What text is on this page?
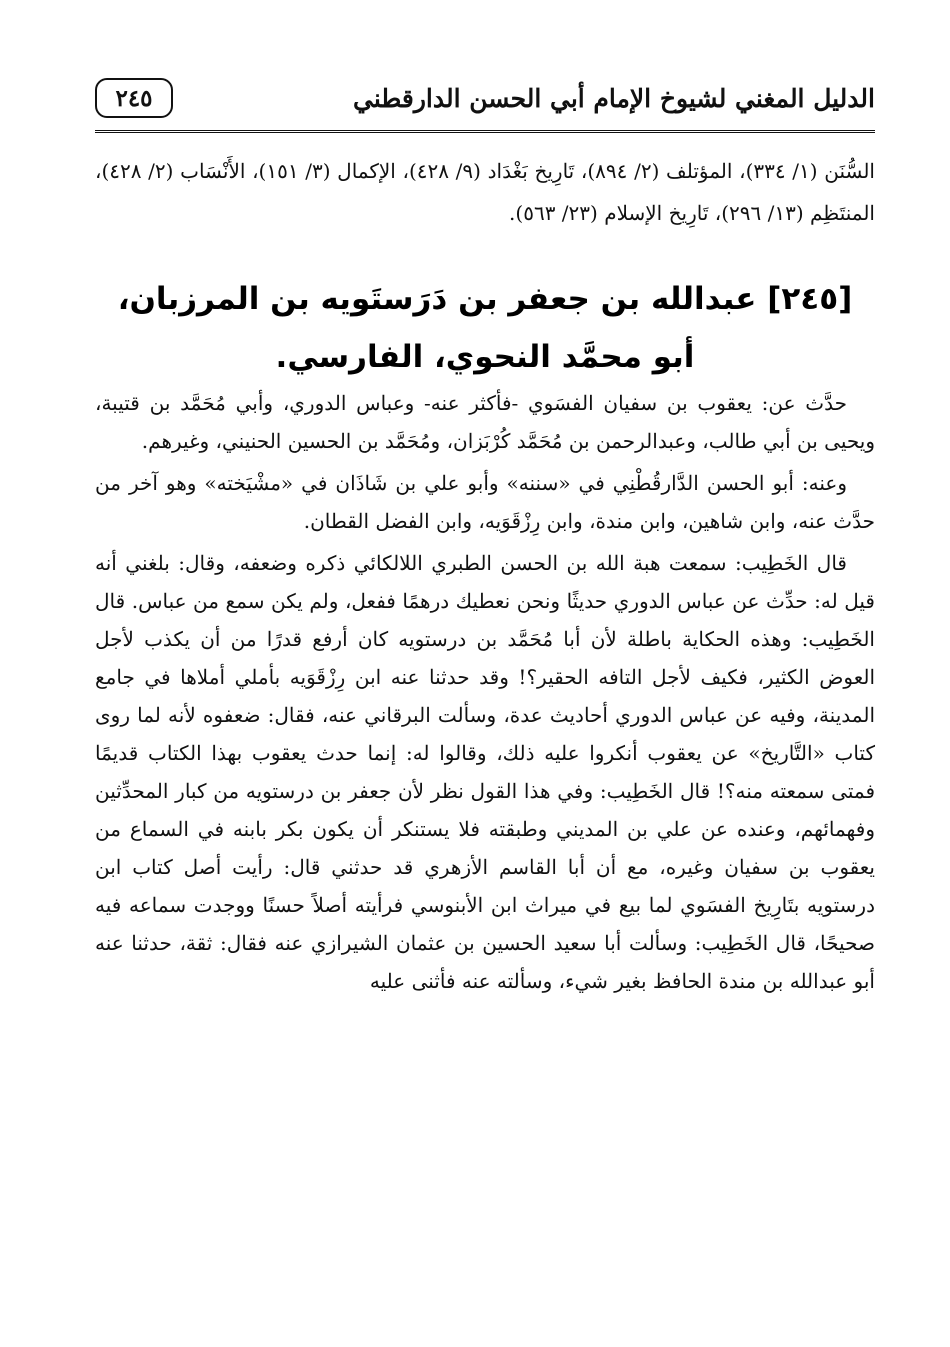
الدليل المغني لشيوخ الإمام أبي الحسن الدارقطني
٢٤٥
السُّنَن (١/ ٣٣٤)، المؤتلف (٢/ ٨٩٤)، تَارِيخ بَغْدَاد (٩/ ٤٢٨)، الإكمال (٣/ ١٥١)، الأَنْسَاب (٢/ ٤٢٨)، المنتَظِم (١٣/ ٢٩٦)، تَارِيخ الإسلام (٢٣/ ٥٦٣).
[٢٤٥] عبدالله بن جعفر بن دَرَستَويه بن المرزبان، أبو محمَّد النحوي، الفارسي.

حدَّث عن: يعقوب بن سفيان الفسَوي -فأكثر عنه- وعباس الدوري، وأبي مُحَمَّد بن قتيبة، ويحيى بن أبي طالب، وعبدالرحمن بن مُحَمَّد كُرْبَزان، ومُحَمَّد بن الحسين الحنيني، وغيرهم.

وعنه: أبو الحسن الدَّارقُطْنِي في «سننه» وأبو علي بن شَاذَان في «مشْيَخته» وهو آخر من حدَّث عنه، وابن شاهين، وابن مندة، وابن رِزْقَوَيه، وابن الفضل القطان.

قال الخَطِيب: سمعت هبة الله بن الحسن الطبري اللالكائي ذكره وضعفه، وقال: بلغني أنه قيل له: حدِّث عن عباس الدوري حديثًا ونحن نعطيك درهمًا ففعل، ولم يكن سمع من عباس. قال الخَطِيب: وهذه الحكاية باطلة لأن أبا مُحَمَّد بن درستويه كان أرفع قدرًا من أن يكذب لأجل العوض الكثير، فكيف لأجل التافه الحقير؟! وقد حدثنا عنه ابن رِزْقَوَيه بأملي أملاها في جامع المدينة، وفيه عن عباس الدوري أحاديث عدة، وسألت البرقاني عنه، فقال: ضعفوه لأنه لما روى كتاب «التَّاريخ» عن يعقوب أنكروا عليه ذلك، وقالوا له: إنما حدث يعقوب بهذا الكتاب قديمًا فمتى سمعته منه؟! قال الخَطِيب: وفي هذا القول نظر لأن جعفر بن درستويه من كبار المحدِّثين وفهمائهم، وعنده عن علي بن المديني وطبقته فلا يستنكر أن يكون بكر بابنه في السماع من يعقوب بن سفيان وغيره، مع أن أبا القاسم الأزهري قد حدثني قال: رأيت أصل كتاب ابن درستويه بتَارِيخ الفسَوي لما بيع في ميراث ابن الأبنوسي فرأيته أصلاً حسنًا ووجدت سماعه فيه صحيحًا، قال الخَطِيب: وسألت أبا سعيد الحسين بن عثمان الشيرازي عنه فقال: ثقة، حدثنا عنه أبو عبدالله بن مندة الحافظ بغير شيء، وسألته عنه فأثنى عليه
